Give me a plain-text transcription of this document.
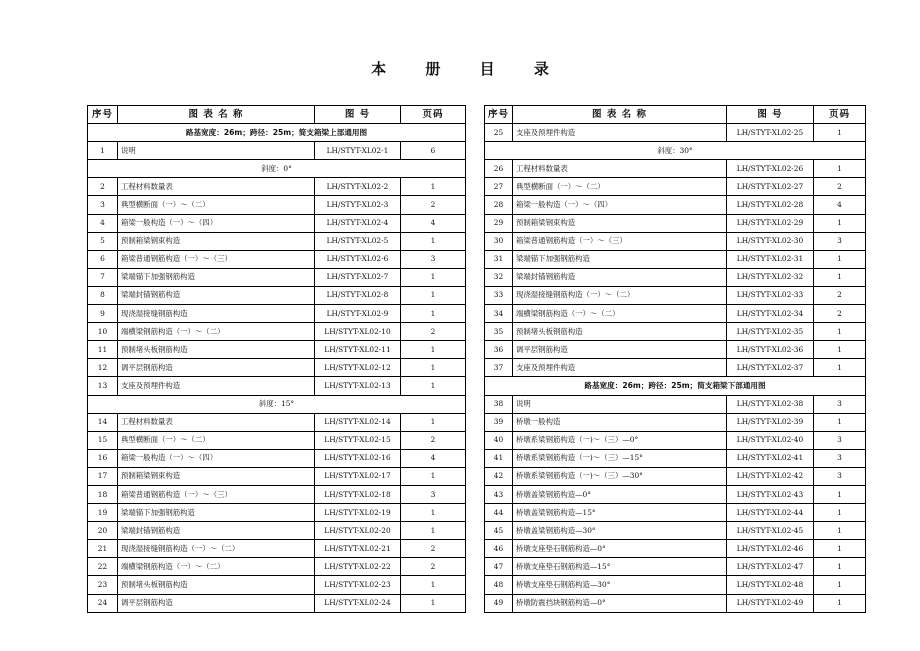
本 册 目 录
序号	图 表 名 称	图 号	页码
路基宽度：26m；跨径：25m；简支箱梁上部通用图			
1	说明	LH/STYT-XL02-1	6
斜度：0°			
2	工程材料数量表	LH/STYT-XL02-2	1
3	典型横断面（一）～（二）	LH/STYT-XL02-3	2
4	箱梁一般构造（一）～（四）	LH/STYT-XL02-4	4
5	预制箱梁钢束构造	LH/STYT-XL02-5	1
6	箱梁普通钢筋构造（一）～（三）	LH/STYT-XL02-6	3
7	梁端锚下加强钢筋构造	LH/STYT-XL02-7	1
8	梁端封锚钢筋构造	LH/STYT-XL02-8	1
9	现浇湿接缝钢筋构造	LH/STYT-XL02-9	1
10	端横梁钢筋构造（一）～（二）	LH/STYT-XL02-10	2
11	预制堵头板钢筋构造	LH/STYT-XL02-11	1
12	调平层钢筋构造	LH/STYT-XL02-12	1
13	支座及预埋件构造	LH/STYT-XL02-13	1
斜度：15°			
14	工程材料数量表	LH/STYT-XL02-14	1
15	典型横断面（一）～（二）	LH/STYT-XL02-15	2
16	箱梁一般构造（一）～（四）	LH/STYT-XL02-16	4
17	预制箱梁钢束构造	LH/STYT-XL02-17	1
18	箱梁普通钢筋构造（一）～（三）	LH/STYT-XL02-18	3
19	梁端锚下加强钢筋构造	LH/STYT-XL02-19	1
20	梁端封锚钢筋构造	LH/STYT-XL02-20	1
21	现浇湿接缝钢筋构造（一）～（二）	LH/STYT-XL02-21	2
22	端横梁钢筋构造（一）～（二）	LH/STYT-XL02-22	2
23	预制堵头板钢筋构造	LH/STYT-XL02-23	1
24	调平层钢筋构造	LH/STYT-XL02-24	1
序号	图 表 名 称	图 号	页码
25	支座及预埋件构造	LH/STYT-XL02-25	1
斜度：30°			
26	工程材料数量表	LH/STYT-XL02-26	1
27	典型横断面（一）～（二）	LH/STYT-XL02-27	2
28	箱梁一般构造（一）～（四）	LH/STYT-XL02-28	4
29	预制箱梁钢束构造	LH/STYT-XL02-29	1
30	箱梁普通钢筋构造（一）～（三）	LH/STYT-XL02-30	3
31	梁端锚下加强钢筋构造	LH/STYT-XL02-31	1
32	梁端封锚钢筋构造	LH/STYT-XL02-32	1
33	现浇湿接缝钢筋构造（一）～（二）	LH/STYT-XL02-33	2
34	端横梁钢筋构造（一）～（二）	LH/STYT-XL02-34	2
35	预制堵头板钢筋构造	LH/STYT-XL02-35	1
36	调平层钢筋构造	LH/STYT-XL02-36	1
37	支座及预埋件构造	LH/STYT-XL02-37	1
路基宽度：26m；跨径：25m；简支箱梁下部通用图			
38	说明	LH/STYT-XL02-38	3
39	桥墩一般构造	LH/STYT-XL02-39	1
40	桥墩系梁钢筋构造（一)～（三）—0°	LH/STYT-XL02-40	3
41	桥墩系梁钢筋构造（一)～（三）—15°	LH/STYT-XL02-41	3
42	桥墩系梁钢筋构造（一)～（三）—30°	LH/STYT-XL02-42	3
43	桥墩盖梁钢筋构造—0°	LH/STYT-XL02-43	1
44	桥墩盖梁钢筋构造—15°	LH/STYT-XL02-44	1
45	桥墩盖梁钢筋构造—30°	LH/STYT-XL02-45	1
46	桥墩支座垫石钢筋构造—0°	LH/STYT-XL02-46	1
47	桥墩支座垫石钢筋构造—15°	LH/STYT-XL02-47	1
48	桥墩支座垫石钢筋构造—30°	LH/STYT-XL02-48	1
49	桥墩防震挡块钢筋构造—0°	LH/STYT-XL02-49	1
